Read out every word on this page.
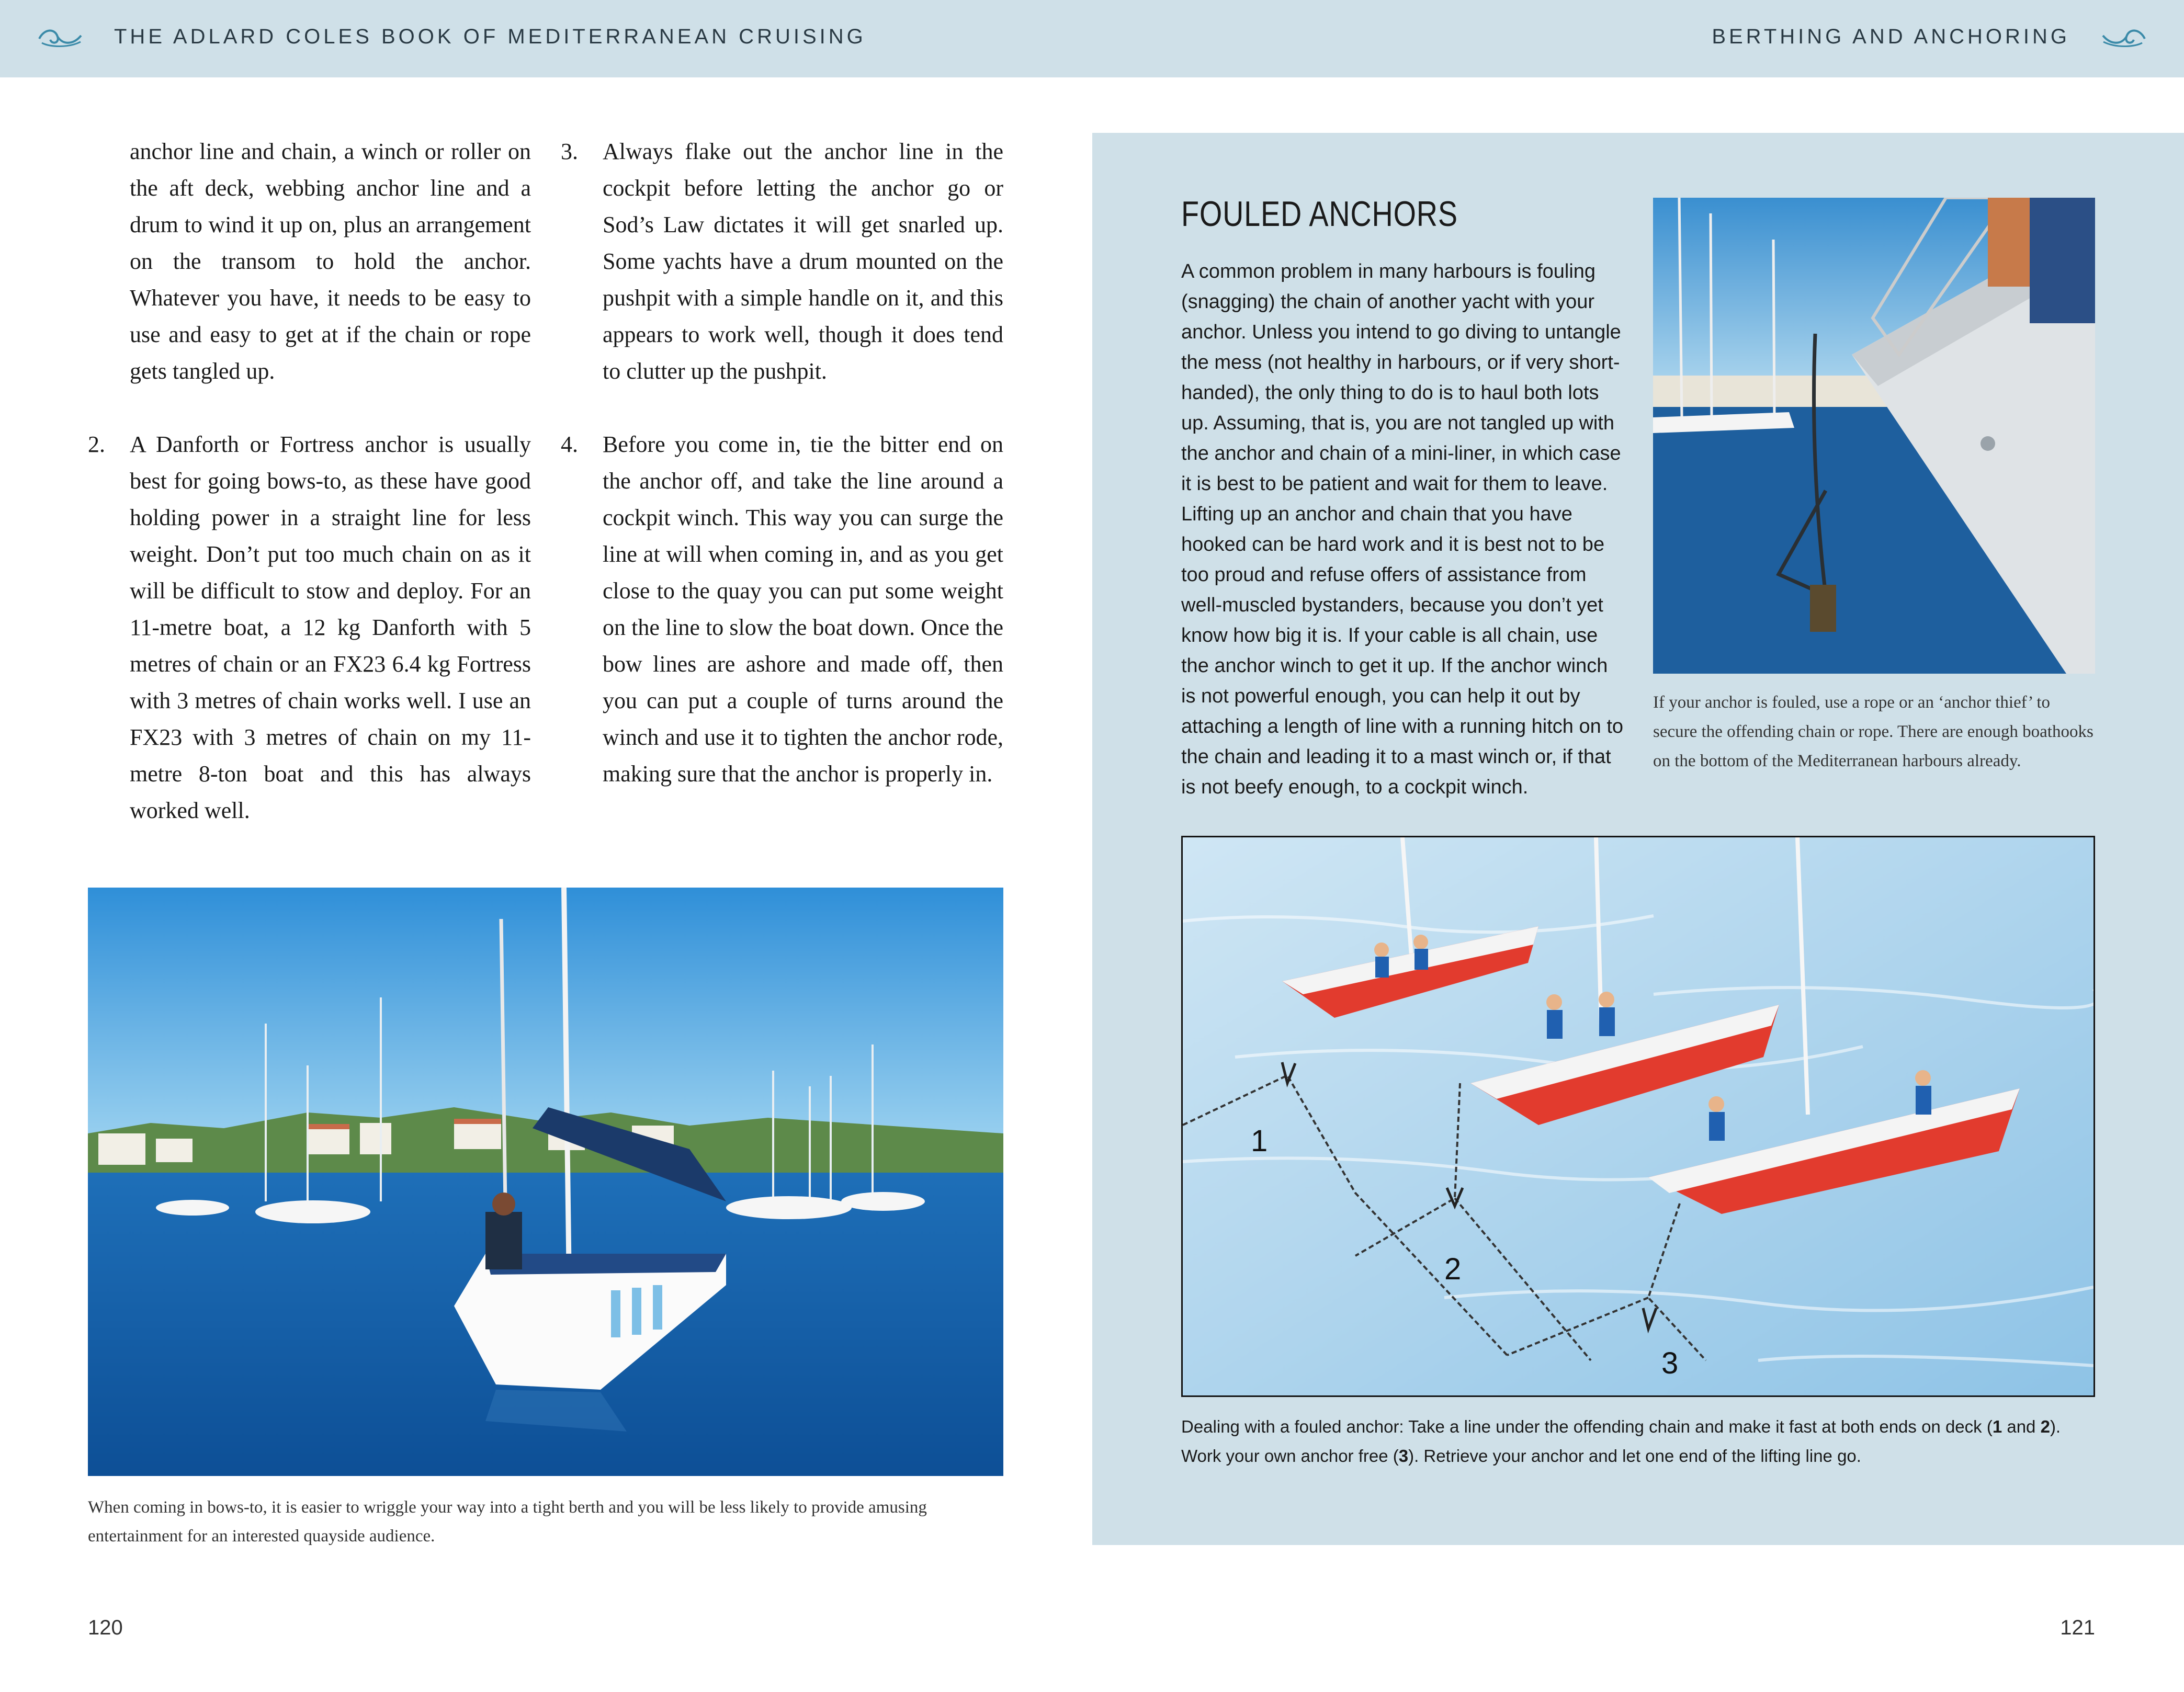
THE ADLARD COLES BOOK OF MEDITERRANEAN CRUISING	BERTHING AND ANCHORING
anchor line and chain, a winch or roller on the aft deck, webbing anchor line and a drum to wind it up on, plus an arrangement on the transom to hold the anchor. Whatever you have, it needs to be easy to use and easy to get at if the chain or rope gets tangled up.
2. A Danforth or Fortress anchor is usually best for going bows-to, as these have good holding power in a straight line for less weight. Don’t put too much chain on as it will be difficult to stow and deploy. For an 11-metre boat, a 12 kg Danforth with 5 metres of chain or an FX23 6.4 kg Fortress with 3 metres of chain works well. I use an FX23 with 3 metres of chain on my 11-metre 8-ton boat and this has always worked well.
3. Always flake out the anchor line in the cockpit before letting the anchor go or Sod’s Law dictates it will get snarled up. Some yachts have a drum mounted on the pushpit with a simple handle on it, and this appears to work well, though it does tend to clutter up the pushpit.
4. Before you come in, tie the bitter end on the anchor off, and take the line around a cockpit winch. This way you can surge the line at will when coming in, and as you get close to the quay you can put some weight on the line to slow the boat down. Once the bow lines are ashore and made off, then you can put a couple of turns around the winch and use it to tighten the anchor rode, making sure that the anchor is properly in.
When coming in bows-to, it is easier to wriggle your way into a tight berth and you will be less likely to provide amusing entertainment for an interested quayside audience.
FOULED ANCHORS
A common problem in many harbours is fouling (snagging) the chain of another yacht with your anchor. Unless you intend to go diving to untangle the mess (not healthy in harbours, or if very short-handed), the only thing to do is to haul both lots up. Assuming, that is, you are not tangled up with the anchor and chain of a mini-liner, in which case it is best to be patient and wait for them to leave. Lifting up an anchor and chain that you have hooked can be hard work and it is best not to be too proud and refuse offers of assistance from well-muscled bystanders, because you don’t yet know how big it is. If your cable is all chain, use the anchor winch to get it up. If the anchor winch is not powerful enough, you can help it out by attaching a length of line with a running hitch on to the chain and leading it to a mast winch or, if that is not beefy enough, to a cockpit winch.
If your anchor is fouled, use a rope or an ‘anchor thief’ to secure the offending chain or rope. There are enough boathooks on the bottom of the Mediterranean harbours already.
1
2
3
Dealing with a fouled anchor: Take a line under the offending chain and make it fast at both ends on deck (1 and 2). Work your own anchor free (3). Retrieve your anchor and let one end of the lifting line go.
120	121
